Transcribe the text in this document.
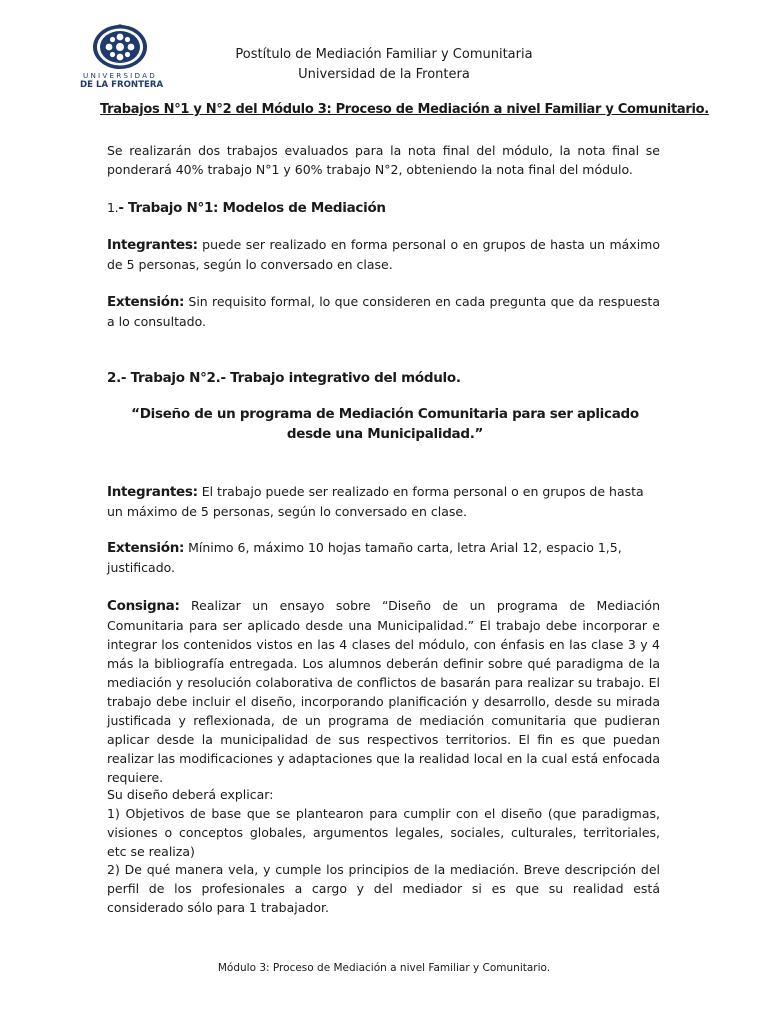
UNIVERSIDAD
DE LA FRONTERA
Postítulo de Mediación Familiar y Comunitaria
Universidad de la Frontera
Trabajos N°1 y N°2 del Módulo 3: Proceso de Mediación a nivel Familiar y Comunitario.

Se realizarán dos trabajos evaluados para la nota final del módulo, la nota final se ponderará 40% trabajo N°1 y 60% trabajo N°2, obteniendo la nota final del módulo.

1.- Trabajo N°1: Modelos de Mediación

Integrantes: puede ser realizado en forma personal o en grupos de hasta un máximo de 5 personas, según lo conversado en clase.

Extensión: Sin requisito formal, lo que consideren en cada pregunta que da respuesta a lo consultado.

2.- Trabajo N°2.- Trabajo integrativo del módulo.

“Diseño de un programa de Mediación Comunitaria para ser aplicado desde una Municipalidad.”

Integrantes: El trabajo puede ser realizado en forma personal o en grupos de hasta un máximo de 5 personas, según lo conversado en clase.

Extensión: Mínimo 6, máximo 10 hojas tamaño carta, letra Arial 12, espacio 1,5, justificado.

Consigna: Realizar un ensayo sobre “Diseño de un programa de Mediación Comunitaria para ser aplicado desde una Municipalidad.” El trabajo debe incorporar e integrar los contenidos vistos en las 4 clases del módulo, con énfasis en las clase 3 y 4 más la bibliografía entregada. Los alumnos deberán definir sobre qué paradigma de la mediación y resolución colaborativa de conflictos de basarán para realizar su trabajo. El trabajo debe incluir el diseño, incorporando planificación y desarrollo, desde su mirada justificada y reflexionada, de un programa de mediación comunitaria que pudieran aplicar desde la municipalidad de sus respectivos territorios. El fin es que puedan realizar las modificaciones y adaptaciones que la realidad local en la cual está enfocada requiere.

Su diseño deberá explicar:

1) Objetivos de base que se plantearon para cumplir con el diseño (que paradigmas, visiones o conceptos globales, argumentos legales, sociales, culturales, territoriales, etc se realiza)

2) De qué manera vela, y cumple los principios de la mediación. Breve descripción del perfil de los profesionales a cargo y del mediador si es que su realidad está considerado sólo para 1 trabajador.

Módulo 3: Proceso de Mediación a nivel Familiar y Comunitario.
